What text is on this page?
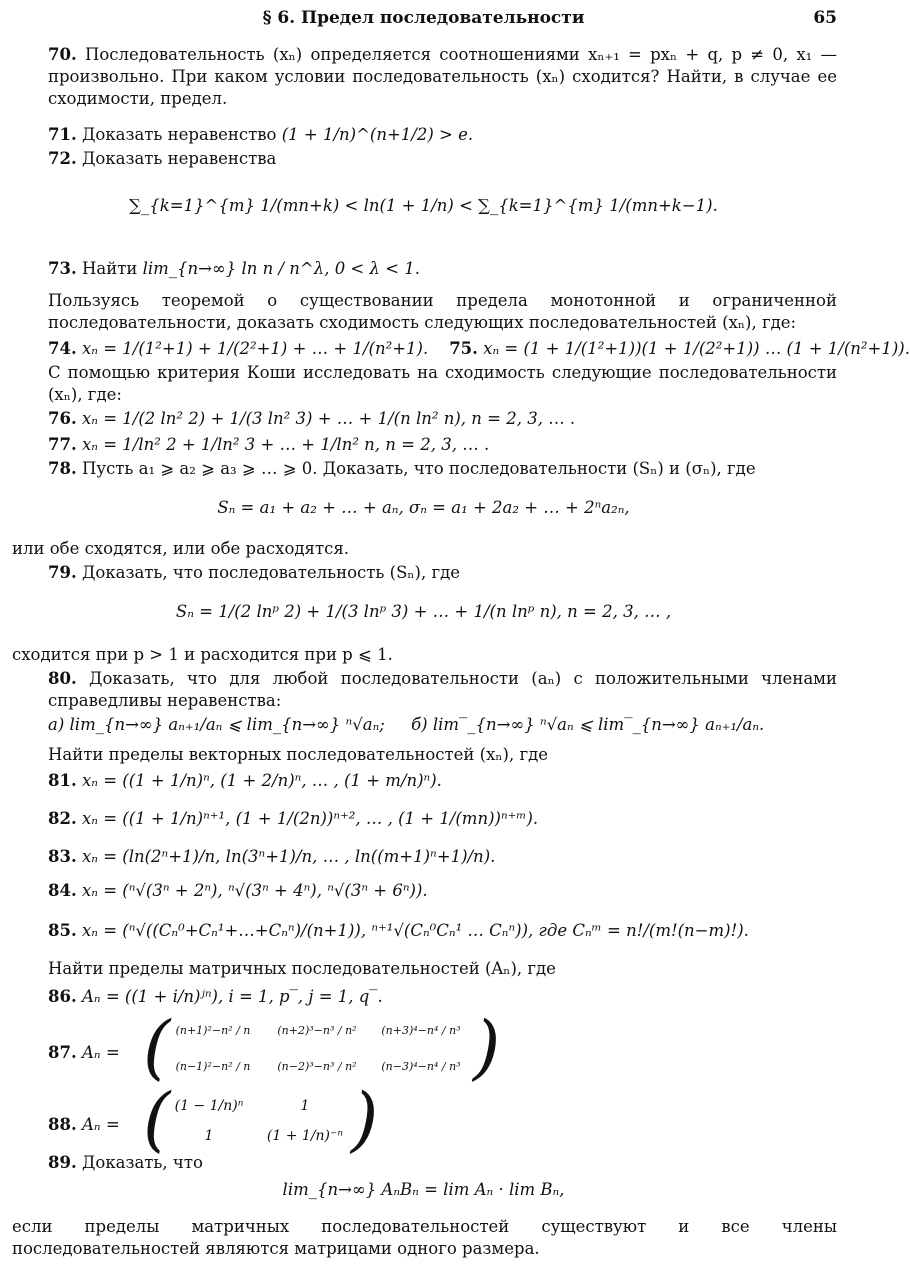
§ 6. Предел последовательности	65
70. Последовательность (xₙ) определяется соотношениями xₙ₊₁ = pxₙ + q, p ≠ 0, x₁ — произвольно. При каком условии последовательность (xₙ) сходится? Найти, в случае ее сходимости, предел.
71. Доказать неравенство (1 + 1/n)^(n+1/2) > e.
72. Доказать неравенства
∑_{k=1}^{m} 1/(mn+k) < ln(1 + 1/n) < ∑_{k=1}^{m} 1/(mn+k−1).
73. Найти lim_{n→∞} ln n / n^λ, 0 < λ < 1.
Пользуясь теоремой о существовании предела монотонной и ограниченной последовательности, доказать сходимость следующих последовательностей (xₙ), где:
74. xₙ = 1/(1²+1) + 1/(2²+1) + … + 1/(n²+1). 75. xₙ = (1 + 1/(1²+1))(1 + 1/(2²+1)) … (1 + 1/(n²+1)).
С помощью критерия Коши исследовать на сходимость следующие последовательности (xₙ), где:
76. xₙ = 1/(2 ln² 2) + 1/(3 ln² 3) + … + 1/(n ln² n), n = 2, 3, … .
77. xₙ = 1/ln² 2 + 1/ln² 3 + … + 1/ln² n, n = 2, 3, … .
78. Пусть a₁ ⩾ a₂ ⩾ a₃ ⩾ … ⩾ 0. Доказать, что последовательности (Sₙ) и (σₙ), где
Sₙ = a₁ + a₂ + … + aₙ, σₙ = a₁ + 2a₂ + … + 2ⁿa₂ₙ,
или обе сходятся, или обе расходятся.
79. Доказать, что последовательность (Sₙ), где
Sₙ = 1/(2 lnᵖ 2) + 1/(3 lnᵖ 3) + … + 1/(n lnᵖ n), n = 2, 3, … ,
сходится при p > 1 и расходится при p ⩽ 1.
80. Доказать, что для любой последовательности (aₙ) с положительными членами справедливы неравенства:
а) lim_{n→∞} aₙ₊₁/aₙ ⩽ lim_{n→∞} ⁿ√aₙ; б) lim‾_{n→∞} ⁿ√aₙ ⩽ lim‾_{n→∞} aₙ₊₁/aₙ.
Найти пределы векторных последовательностей (xₙ), где
81. xₙ = ((1 + 1/n)ⁿ, (1 + 2/n)ⁿ, … , (1 + m/n)ⁿ).
82. xₙ = ((1 + 1/n)ⁿ⁺¹, (1 + 1/(2n))ⁿ⁺², … , (1 + 1/(mn))ⁿ⁺ᵐ).
83. xₙ = (ln(2ⁿ+1)/n, ln(3ⁿ+1)/n, … , ln((m+1)ⁿ+1)/n).
84. xₙ = (ⁿ√(3ⁿ + 2ⁿ), ⁿ√(3ⁿ + 4ⁿ), ⁿ√(3ⁿ + 6ⁿ)).
85. xₙ = (ⁿ√((Cₙ⁰+Cₙ¹+…+Cₙⁿ)/(n+1)), ⁿ⁺¹√(Cₙ⁰Cₙ¹ … Cₙⁿ)), где Cₙᵐ = n!/(m!(n−m)!).
Найти пределы матричных последовательностей (Aₙ), где
86. Aₙ = ((1 + i/n)ʲⁿ), i = 1, p‾, j = 1, q‾.
87. Aₙ = ( (n+1)²−n² / n	(n+2)³−n³ / n²	(n+3)⁴−n⁴ / n³
(n−1)²−n² / n	(n−2)³−n³ / n²	(n−3)⁴−n⁴ / n³ )
88. Aₙ = ( (1 − 1/n)ⁿ	1
1	(1 + 1/n)⁻ⁿ )
89. Доказать, что
lim_{n→∞} AₙBₙ = lim Aₙ · lim Bₙ,
если пределы матричных последовательностей существуют и все члены последовательностей являются матрицами одного размера.
